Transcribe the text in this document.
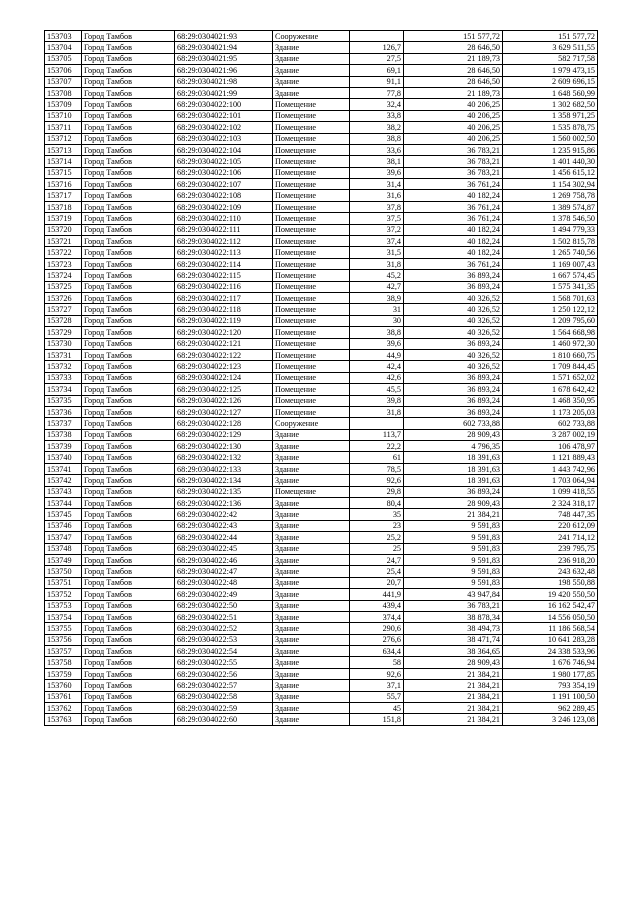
153703	Город Тамбов	68:29:0304021:93	Сооружение		151 577,72	151 577,72
153704	Город Тамбов	68:29:0304021:94	Здание	126,7	28 646,50	3 629 511,55
153705	Город Тамбов	68:29:0304021:95	Здание	27,5	21 189,73	582 717,58
153706	Город Тамбов	68:29:0304021:96	Здание	69,1	28 646,50	1 979 473,15
153707	Город Тамбов	68:29:0304021:98	Здание	91,1	28 646,50	2 609 696,15
153708	Город Тамбов	68:29:0304021:99	Здание	77,8	21 189,73	1 648 560,99
153709	Город Тамбов	68:29:0304022:100	Помещение	32,4	40 206,25	1 302 682,50
153710	Город Тамбов	68:29:0304022:101	Помещение	33,8	40 206,25	1 358 971,25
153711	Город Тамбов	68:29:0304022:102	Помещение	38,2	40 206,25	1 535 878,75
153712	Город Тамбов	68:29:0304022:103	Помещение	38,8	40 206,25	1 560 002,50
153713	Город Тамбов	68:29:0304022:104	Помещение	33,6	36 783,21	1 235 915,86
153714	Город Тамбов	68:29:0304022:105	Помещение	38,1	36 783,21	1 401 440,30
153715	Город Тамбов	68:29:0304022:106	Помещение	39,6	36 783,21	1 456 615,12
153716	Город Тамбов	68:29:0304022:107	Помещение	31,4	36 761,24	1 154 302,94
153717	Город Тамбов	68:29:0304022:108	Помещение	31,6	40 182,24	1 269 758,78
153718	Город Тамбов	68:29:0304022:109	Помещение	37,8	36 761,24	1 389 574,87
153719	Город Тамбов	68:29:0304022:110	Помещение	37,5	36 761,24	1 378 546,50
153720	Город Тамбов	68:29:0304022:111	Помещение	37,2	40 182,24	1 494 779,33
153721	Город Тамбов	68:29:0304022:112	Помещение	37,4	40 182,24	1 502 815,78
153722	Город Тамбов	68:29:0304022:113	Помещение	31,5	40 182,24	1 265 740,56
153723	Город Тамбов	68:29:0304022:114	Помещение	31,8	36 761,24	1 169 007,43
153724	Город Тамбов	68:29:0304022:115	Помещение	45,2	36 893,24	1 667 574,45
153725	Город Тамбов	68:29:0304022:116	Помещение	42,7	36 893,24	1 575 341,35
153726	Город Тамбов	68:29:0304022:117	Помещение	38,9	40 326,52	1 568 701,63
153727	Город Тамбов	68:29:0304022:118	Помещение	31	40 326,52	1 250 122,12
153728	Город Тамбов	68:29:0304022:119	Помещение	30	40 326,52	1 209 795,60
153729	Город Тамбов	68:29:0304022:120	Помещение	38,8	40 326,52	1 564 668,98
153730	Город Тамбов	68:29:0304022:121	Помещение	39,6	36 893,24	1 460 972,30
153731	Город Тамбов	68:29:0304022:122	Помещение	44,9	40 326,52	1 810 660,75
153732	Город Тамбов	68:29:0304022:123	Помещение	42,4	40 326,52	1 709 844,45
153733	Город Тамбов	68:29:0304022:124	Помещение	42,6	36 893,24	1 571 652,02
153734	Город Тамбов	68:29:0304022:125	Помещение	45,5	36 893,24	1 678 642,42
153735	Город Тамбов	68:29:0304022:126	Помещение	39,8	36 893,24	1 468 350,95
153736	Город Тамбов	68:29:0304022:127	Помещение	31,8	36 893,24	1 173 205,03
153737	Город Тамбов	68:29:0304022:128	Сооружение		602 733,88	602 733,88
153738	Город Тамбов	68:29:0304022:129	Здание	113,7	28 909,43	3 287 002,19
153739	Город Тамбов	68:29:0304022:130	Здание	22,2	4 796,35	106 478,97
153740	Город Тамбов	68:29:0304022:132	Здание	61	18 391,63	1 121 889,43
153741	Город Тамбов	68:29:0304022:133	Здание	78,5	18 391,63	1 443 742,96
153742	Город Тамбов	68:29:0304022:134	Здание	92,6	18 391,63	1 703 064,94
153743	Город Тамбов	68:29:0304022:135	Помещение	29,8	36 893,24	1 099 418,55
153744	Город Тамбов	68:29:0304022:136	Здание	80,4	28 909,43	2 324 318,17
153745	Город Тамбов	68:29:0304022:42	Здание	35	21 384,21	748 447,35
153746	Город Тамбов	68:29:0304022:43	Здание	23	9 591,83	220 612,09
153747	Город Тамбов	68:29:0304022:44	Здание	25,2	9 591,83	241 714,12
153748	Город Тамбов	68:29:0304022:45	Здание	25	9 591,83	239 795,75
153749	Город Тамбов	68:29:0304022:46	Здание	24,7	9 591,83	236 918,20
153750	Город Тамбов	68:29:0304022:47	Здание	25,4	9 591,83	243 632,48
153751	Город Тамбов	68:29:0304022:48	Здание	20,7	9 591,83	198 550,88
153752	Город Тамбов	68:29:0304022:49	Здание	441,9	43 947,84	19 420 550,50
153753	Город Тамбов	68:29:0304022:50	Здание	439,4	36 783,21	16 162 542,47
153754	Город Тамбов	68:29:0304022:51	Здание	374,4	38 878,34	14 556 050,50
153755	Город Тамбов	68:29:0304022:52	Здание	290,6	38 494,73	11 186 568,54
153756	Город Тамбов	68:29:0304022:53	Здание	276,6	38 471,74	10 641 283,28
153757	Город Тамбов	68:29:0304022:54	Здание	634,4	38 364,65	24 338 533,96
153758	Город Тамбов	68:29:0304022:55	Здание	58	28 909,43	1 676 746,94
153759	Город Тамбов	68:29:0304022:56	Здание	92,6	21 384,21	1 980 177,85
153760	Город Тамбов	68:29:0304022:57	Здание	37,1	21 384,21	793 354,19
153761	Город Тамбов	68:29:0304022:58	Здание	55,7	21 384,21	1 191 100,50
153762	Город Тамбов	68:29:0304022:59	Здание	45	21 384,21	962 289,45
153763	Город Тамбов	68:29:0304022:60	Здание	151,8	21 384,21	3 246 123,08
